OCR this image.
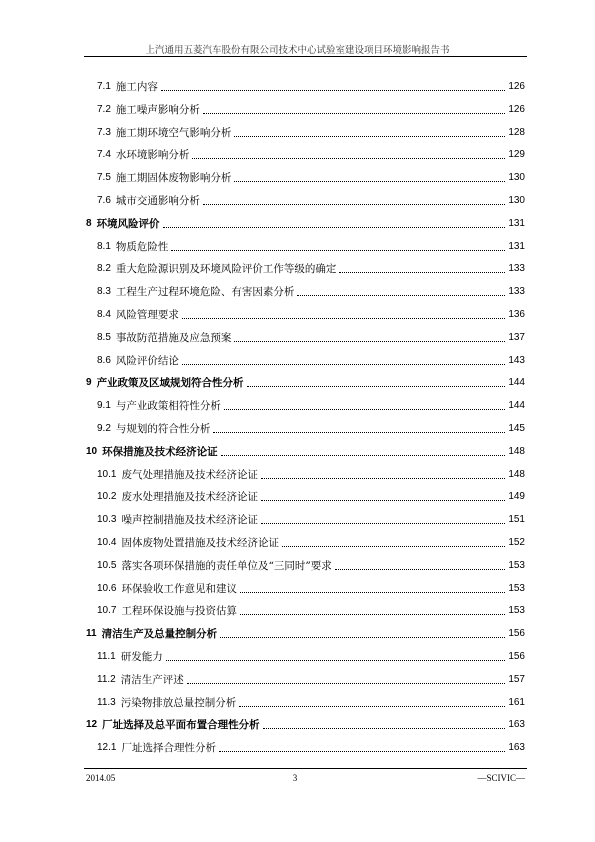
上汽通用五菱汽车股份有限公司技术中心试验室建设项目环境影响报告书
7.1 施工内容	126
7.2 施工噪声影响分析	126
7.3 施工期环境空气影响分析	128
7.4 水环境影响分析	129
7.5 施工期固体废物影响分析	130
7.6 城市交通影响分析	130
8 环境风险评价	131
8.1 物质危险性	131
8.2 重大危险源识别及环境风险评价工作等级的确定	133
8.3 工程生产过程环境危险、有害因素分析	133
8.4 风险管理要求	136
8.5 事故防范措施及应急预案	137
8.6 风险评价结论	143
9 产业政策及区域规划符合性分析	144
9.1 与产业政策相符性分析	144
9.2 与规划的符合性分析	145
10 环保措施及技术经济论证	148
10.1 废气处理措施及技术经济论证	148
10.2 废水处理措施及技术经济论证	149
10.3 噪声控制措施及技术经济论证	151
10.4 固体废物处置措施及技术经济论证	152
10.5 落实各项环保措施的责任单位及“三同时”要求	153
10.6 环保验收工作意见和建议	153
10.7 工程环保设施与投资估算	153
11 清洁生产及总量控制分析	156
11.1 研发能力	156
11.2 清洁生产评述	157
11.3 污染物排放总量控制分析	161
12 厂址选择及总平面布置合理性分析	163
12.1 厂址选择合理性分析	163
2014.05	3	—SCIVIC—
